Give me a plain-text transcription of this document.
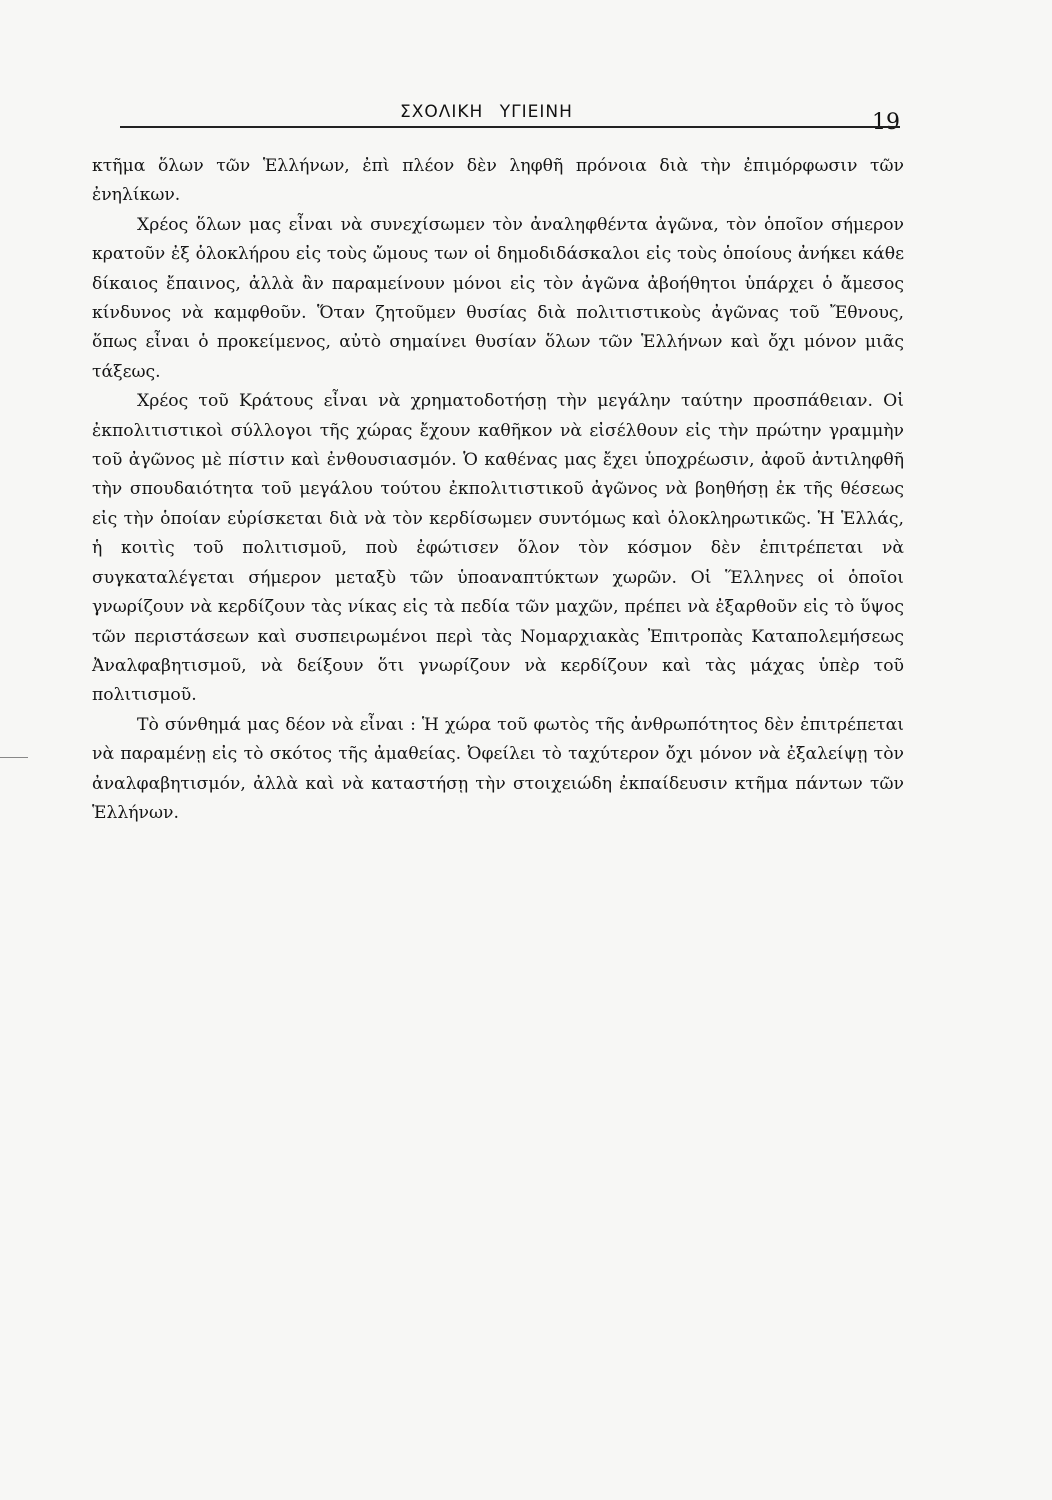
ΣΧΟΛΙΚΗ ΥΓΙΕΙΝΗ	19

κτῆμα ὅλων τῶν Ἑλλήνων, ἐπὶ πλέον δὲν ληφθῆ πρόνοια διὰ τὴν ἐπιμόρφωσιν τῶν ἐνηλίκων.

Χρέος ὅλων μας εἶναι νὰ συνεχίσωμεν τὸν ἀναληφθέντα ἀγῶνα, τὸν ὁποῖον σήμερον κρατοῦν ἐξ ὁλοκλήρου εἰς τοὺς ὤμους των οἱ δημοδιδάσκαλοι εἰς τοὺς ὁποίους ἀνήκει κάθε δίκαιος ἔπαινος, ἀλλὰ ἂν παραμείνουν μόνοι εἰς τὸν ἀγῶνα ἀβοήθητοι ὑπάρχει ὁ ἄμεσος κίνδυνος νὰ καμφθοῦν. Ὅταν ζητοῦμεν θυσίας διὰ πολιτιστικοὺς ἀγῶνας τοῦ Ἔθνους, ὅπως εἶναι ὁ προκείμενος, αὐτὸ σημαίνει θυσίαν ὅλων τῶν Ἑλλήνων καὶ ὄχι μόνον μιᾶς τάξεως.

Χρέος τοῦ Κράτους εἶναι νὰ χρηματοδοτήσῃ τὴν μεγάλην ταύτην προσπάθειαν. Οἱ ἐκπολιτιστικοὶ σύλλογοι τῆς χώρας ἔχουν καθῆκον νὰ εἰσέλθουν εἰς τὴν πρώτην γραμμὴν τοῦ ἀγῶνος μὲ πίστιν καὶ ἐνθουσιασμόν. Ὁ καθένας μας ἔχει ὑποχρέωσιν, ἀφοῦ ἀντιληφθῆ τὴν σπουδαιότητα τοῦ μεγάλου τούτου ἐκπολιτιστικοῦ ἀγῶνος νὰ βοηθήσῃ ἐκ τῆς θέσεως εἰς τὴν ὁποίαν εὑρίσκεται διὰ νὰ τὸν κερδίσωμεν συντόμως καὶ ὁλοκληρωτικῶς. Ἡ Ἑλλάς, ἡ κοιτὶς τοῦ πολιτισμοῦ, ποὺ ἐφώτισεν ὅλον τὸν κόσμον δὲν ἐπιτρέπεται νὰ συγκαταλέγεται σήμερον μεταξὺ τῶν ὑποαναπτύκτων χωρῶν. Οἱ Ἕλληνες οἱ ὁποῖοι γνωρίζουν νὰ κερδίζουν τὰς νίκας εἰς τὰ πεδία τῶν μαχῶν, πρέπει νὰ ἐξαρθοῦν εἰς τὸ ὕψος τῶν περιστάσεων καὶ συσπειρωμένοι περὶ τὰς Νομαρχιακὰς Ἐπιτροπὰς Καταπολεμήσεως Ἀναλφαβητισμοῦ, νὰ δείξουν ὅτι γνωρίζουν νὰ κερδίζουν καὶ τὰς μάχας ὑπὲρ τοῦ πολιτισμοῦ.

Τὸ σύνθημά μας δέον νὰ εἶναι : Ἡ χώρα τοῦ φωτὸς τῆς ἀνθρωπότητος δὲν ἐπιτρέπεται νὰ παραμένῃ εἰς τὸ σκότος τῆς ἀμαθείας. Ὀφείλει τὸ ταχύτερον ὄχι μόνον νὰ ἐξαλείψῃ τὸν ἀναλφαβητισμόν, ἀλλὰ καὶ νὰ καταστήσῃ τὴν στοιχειώδη ἐκπαίδευσιν κτῆμα πάντων τῶν Ἑλλήνων.
